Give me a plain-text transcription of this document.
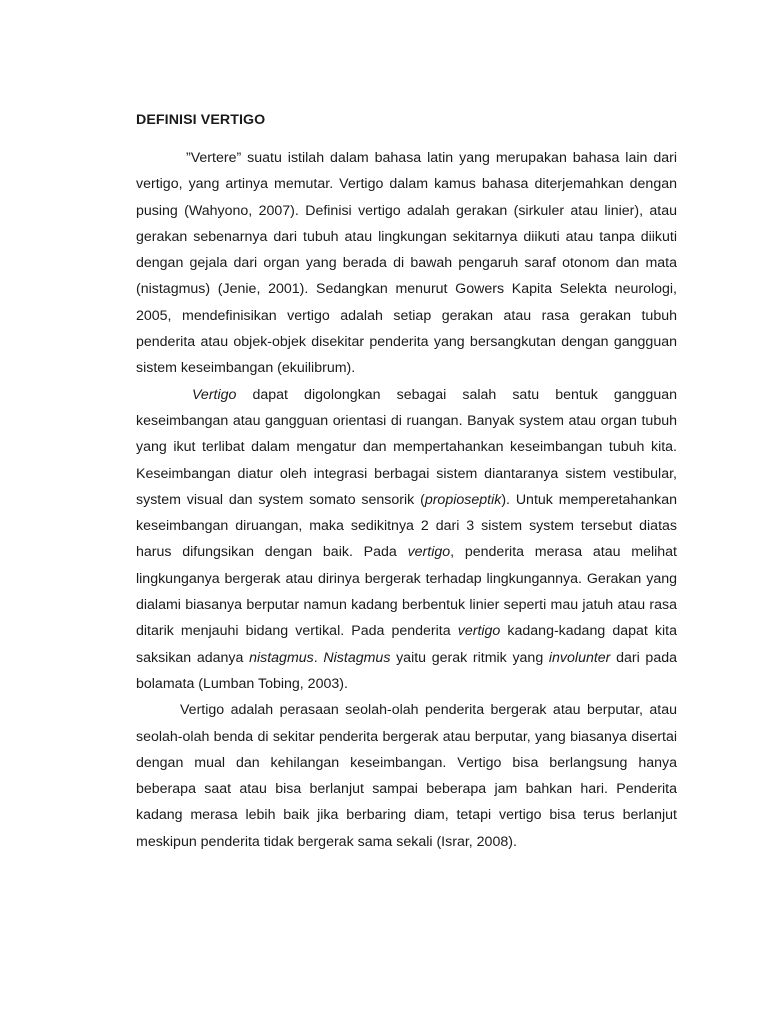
DEFINISI VERTIGO

”Vertere” suatu istilah dalam bahasa latin yang merupakan bahasa lain dari vertigo, yang artinya memutar. Vertigo dalam kamus bahasa diterjemahkan dengan pusing (Wahyono, 2007). Definisi vertigo adalah gerakan (sirkuler atau linier), atau gerakan sebenarnya dari tubuh atau lingkungan sekitarnya diikuti atau tanpa diikuti dengan gejala dari organ yang berada di bawah pengaruh saraf otonom dan mata (nistagmus) (Jenie, 2001). Sedangkan menurut Gowers Kapita Selekta neurologi, 2005, mendefinisikan vertigo adalah setiap gerakan atau rasa gerakan tubuh penderita atau objek-objek disekitar penderita yang bersangkutan dengan gangguan sistem keseimbangan (ekuilibrum).

Vertigo dapat digolongkan sebagai salah satu bentuk gangguan keseimbangan atau gangguan orientasi di ruangan. Banyak system atau organ tubuh yang ikut terlibat dalam mengatur dan mempertahankan keseimbangan tubuh kita. Keseimbangan diatur oleh integrasi berbagai sistem diantaranya sistem vestibular, system visual dan system somato sensorik (propioseptik). Untuk memperetahankan keseimbangan diruangan, maka sedikitnya 2 dari 3 sistem system tersebut diatas harus difungsikan dengan baik. Pada vertigo, penderita merasa atau melihat lingkunganya bergerak atau dirinya bergerak terhadap lingkungannya. Gerakan yang dialami biasanya berputar namun kadang berbentuk linier seperti mau jatuh atau rasa ditarik menjauhi bidang vertikal. Pada penderita vertigo kadang-kadang dapat kita saksikan adanya nistagmus. Nistagmus yaitu gerak ritmik yang involunter dari pada bolamata (Lumban Tobing, 2003).

Vertigo adalah perasaan seolah-olah penderita bergerak atau berputar, atau seolah-olah benda di sekitar penderita bergerak atau berputar, yang biasanya disertai dengan mual dan kehilangan keseimbangan. Vertigo bisa berlangsung hanya beberapa saat atau bisa berlanjut sampai beberapa jam bahkan hari. Penderita kadang merasa lebih baik jika berbaring diam, tetapi vertigo bisa terus berlanjut meskipun penderita tidak bergerak sama sekali (Israr, 2008).
